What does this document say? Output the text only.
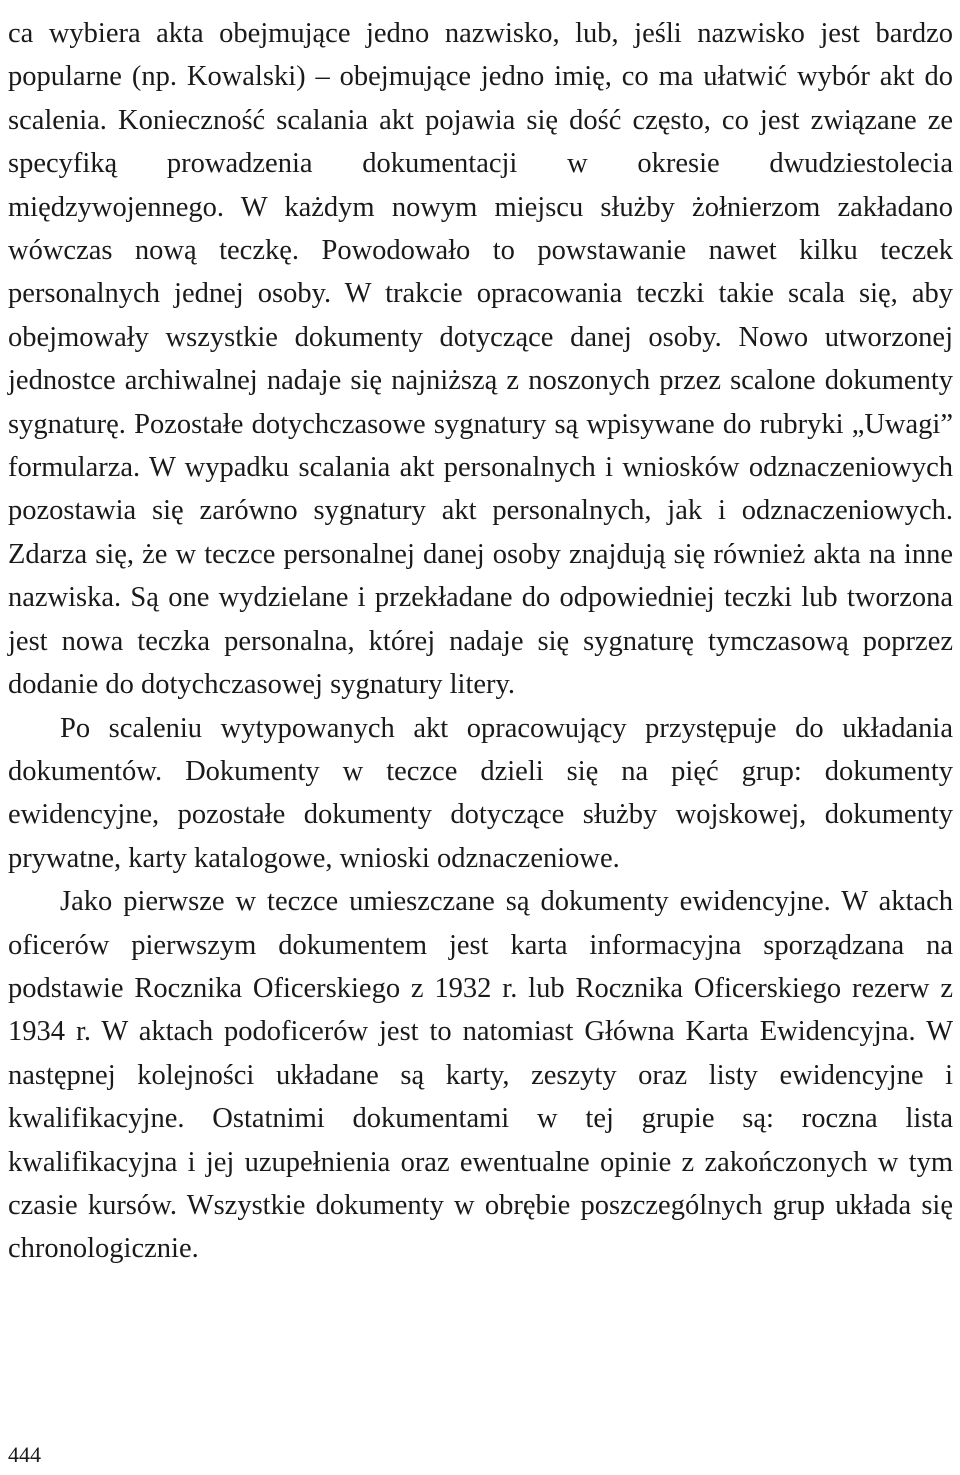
ca wybiera akta obejmujące jedno nazwisko, lub, jeśli nazwisko jest bardzo popularne (np. Kowalski) – obejmujące jedno imię, co ma ułatwić wybór akt do scalenia. Konieczność scalania akt pojawia się dość często, co jest związane ze specyfiką prowadzenia dokumentacji w okresie dwudziestolecia międzywojennego. W każdym nowym miejscu służby żołnierzom zakładano wówczas nową teczkę. Powodowało to powstawanie nawet kilku teczek personalnych jednej osoby. W trakcie opracowania teczki takie scala się, aby obejmowały wszystkie dokumenty dotyczące danej osoby. Nowo utworzonej jednostce archiwalnej nadaje się najniższą z noszonych przez scalone dokumenty sygnaturę. Pozostałe dotychczasowe sygnatury są wpisywane do rubryki „Uwagi” formularza. W wypadku scalania akt personalnych i wniosków odznaczeniowych pozostawia się zarówno sygnatury akt personalnych, jak i odznaczeniowych. Zdarza się, że w teczce personalnej danej osoby znajdują się również akta na inne nazwiska. Są one wydzielane i przekładane do odpowiedniej teczki lub tworzona jest nowa teczka personalna, której nadaje się sygnaturę tymczasową poprzez dodanie do dotychczasowej sygnatury litery.

Po scaleniu wytypowanych akt opracowujący przystępuje do układania dokumentów. Dokumenty w teczce dzieli się na pięć grup: dokumenty ewidencyjne, pozostałe dokumenty dotyczące służby wojskowej, dokumenty prywatne, karty katalogowe, wnioski odznaczeniowe.

Jako pierwsze w teczce umieszczane są dokumenty ewidencyjne. W aktach oficerów pierwszym dokumentem jest karta informacyjna sporządzana na podstawie Rocznika Oficerskiego z 1932 r. lub Rocznika Oficerskiego rezerw z 1934 r. W aktach podoficerów jest to natomiast Główna Karta Ewidencyjna. W następnej kolejności układane są karty, zeszyty oraz listy ewidencyjne i kwalifikacyjne. Ostatnimi dokumentami w tej grupie są: roczna lista kwalifikacyjna i jej uzupełnienia oraz ewentualne opinie z zakończonych w tym czasie kursów. Wszystkie dokumenty w obrębie poszczególnych grup układa się chronologicznie.

444
